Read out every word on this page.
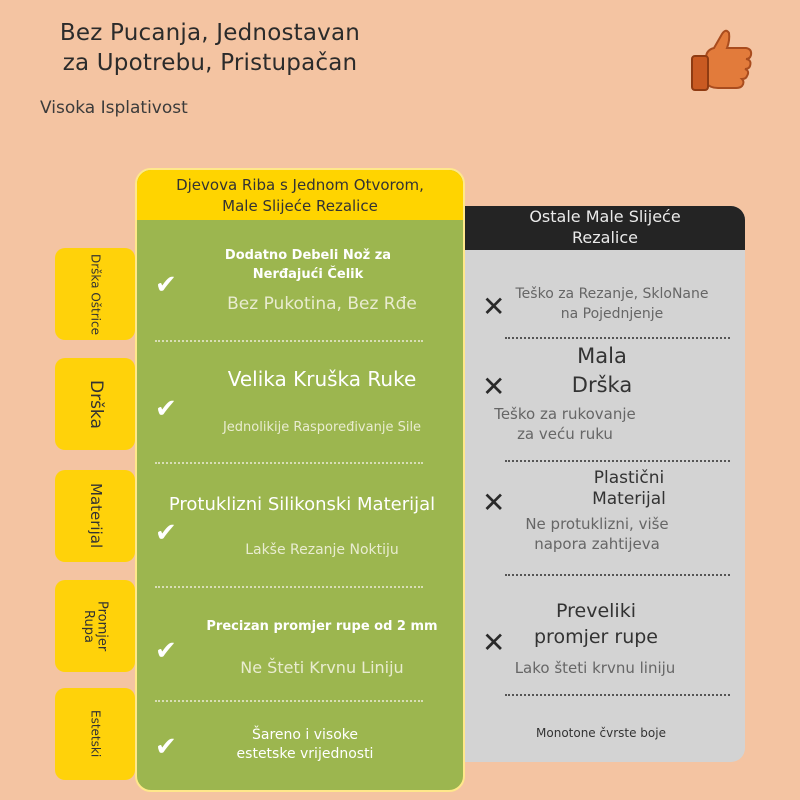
Bez Pucanja, Jednostavan
za Upotrebu, Pristupačan
Visoka Isplativost
Drška Oštrice
Drška
Materijal
Promjer
Rupa
Estetski
Ostale Male Slijeće
Rezalice
✕ Teško za Rezanje, SkloNane na Pojednjenje
Mala Drška
✕
Teško za rukovanje za veću ruku
Plastični Materijal
✕
Ne protuklizni, više napora zahtijeva
Preveliki promjer rupe
✕
Lako šteti krvnu liniju
Monotone čvrste boje
Djevova Riba s Jednom Otvorom,
Male Slijeće Rezalice
✔
Dodatno Debeli Nož za Nerđajući Čelik
Bez Pukotina, Bez Rđe
✔
Velika Kruška Ruke
Jednolikije Raspoređivanje Sile
✔
Protuklizni Silikonski Materijal
Lakše Rezanje Noktiju
✔
Precizan promjer rupe od 2 mm
Ne Šteti Krvnu Liniju
✔	Šareno i visoke estetske vrijednosti
